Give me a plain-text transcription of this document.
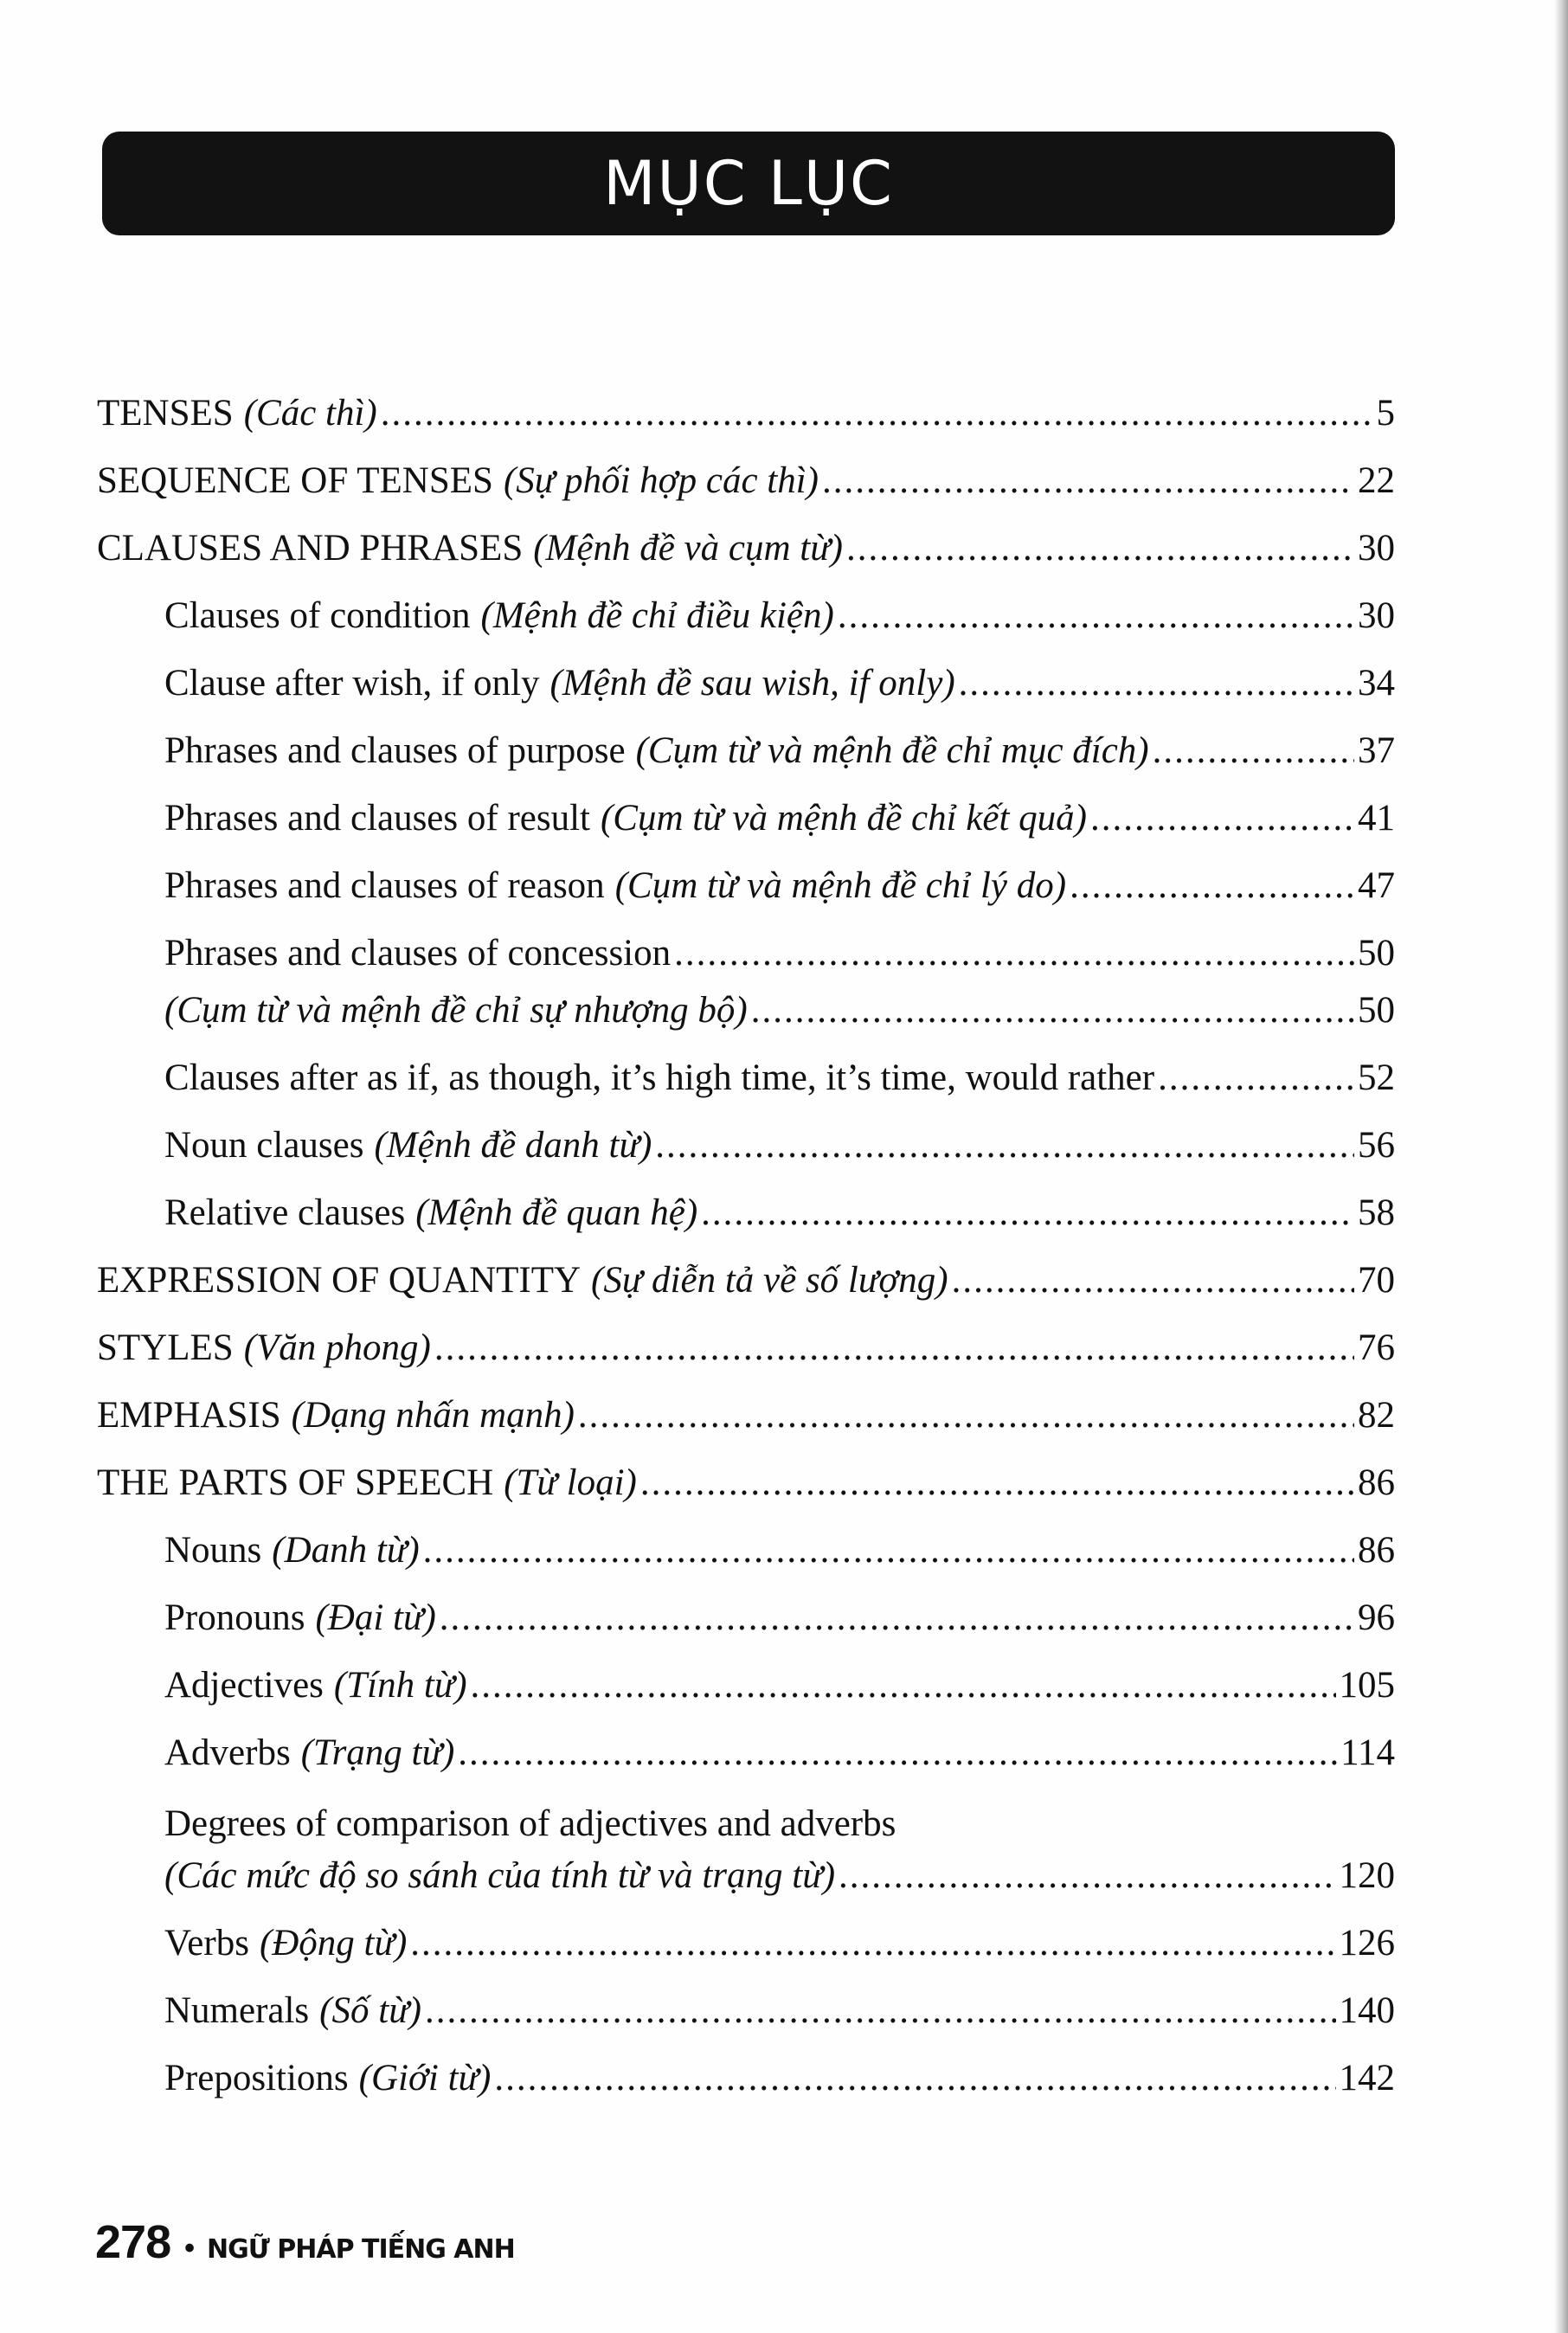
MỤC LỤC
TENSES (Các thì) .....	5
SEQUENCE OF TENSES (Sự phối hợp các thì) .....	22
CLAUSES AND PHRASES (Mệnh đề và cụm từ) .....	30
Clauses of condition (Mệnh đề chỉ điều kiện) .....	30
Clause after wish, if only (Mệnh đề sau wish, if only) .....	34
Phrases and clauses of purpose (Cụm từ và mệnh đề chỉ mục đích) .....	37
Phrases and clauses of result (Cụm từ và mệnh đề chỉ kết quả) .....	41
Phrases and clauses of reason (Cụm từ và mệnh đề chỉ lý do) .....	47
Phrases and clauses of concession .....	50
(Cụm từ và mệnh đề chỉ sự nhượng bộ) .....	50
Clauses after as if, as though, it’s high time, it’s time, would rather .....	52
Noun clauses (Mệnh đề danh từ) .....	56
Relative clauses (Mệnh đề quan hệ) .....	58
EXPRESSION OF QUANTITY (Sự diễn tả về số lượng) .....	70
STYLES (Văn phong) .....	76
EMPHASIS (Dạng nhấn mạnh) .....	82
THE PARTS OF SPEECH (Từ loại) .....	86
Nouns (Danh từ) .....	86
Pronouns (Đại từ) .....	96
Adjectives (Tính từ) .....	105
Adverbs (Trạng từ) .....	114
Degrees of comparison of adjectives and adverbs
(Các mức độ so sánh của tính từ và trạng từ) .....	120
Verbs (Động từ) .....	126
Numerals (Số từ) .....	140
Prepositions (Giới từ) .....	142
278 • NGỮ PHÁP TIẾNG ANH
